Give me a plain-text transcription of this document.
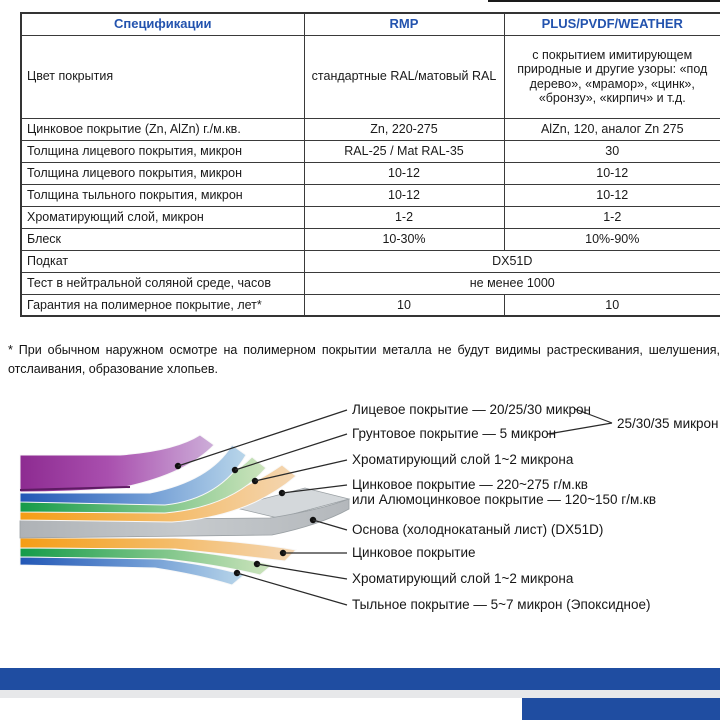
Спецификации	RMP	PLUS/PVDF/WEATHER
Цвет покрытия	стандартные RAL/матовый RAL	с покрытием имитирующем природные и другие узоры: «под дерево», «мрамор», «цинк», «бронзу», «кирпич» и т.д.
Цинковое покрытие (Zn, AlZn) г./м.кв.	Zn, 220-275	AlZn, 120, аналог Zn 275
Толщина лицевого покрытия, микрон	RAL-25 / Mat RAL-35	30
Толщина лицевого покрытия, микрон	10-12	10-12
Толщина тыльного покрытия, микрон	10-12	10-12
Хроматирующий слой, микрон	1-2	1-2
Блеск	10-30%	10%-90%
Подкат	DX51D	
Тест в нейтральной соляной среде, часов	не менее 1000	
Гарантия на полимерное покрытие, лет*	10	10
* При обычном наружном осмотре на полимерном покрытии металла не будут видимы растрескивания, шелушения, отслаивания, образование хлопьев.
Лицевое покрытие — 20/25/30 микрон
Грунтовое покрытие — 5 микрон
25/30/35 микрон
Хроматирующий слой 1~2 микрона
Цинковое покрытие — 220~275 г/м.кв
или Алюмоцинковое покрытие — 120~150 г/м.кв
Основа (холоднокатаный лист) (DX51D)
Цинковое покрытие
Хроматирующий слой 1~2 микрона
Тыльное покрытие — 5~7 микрон (Эпоксидное)
